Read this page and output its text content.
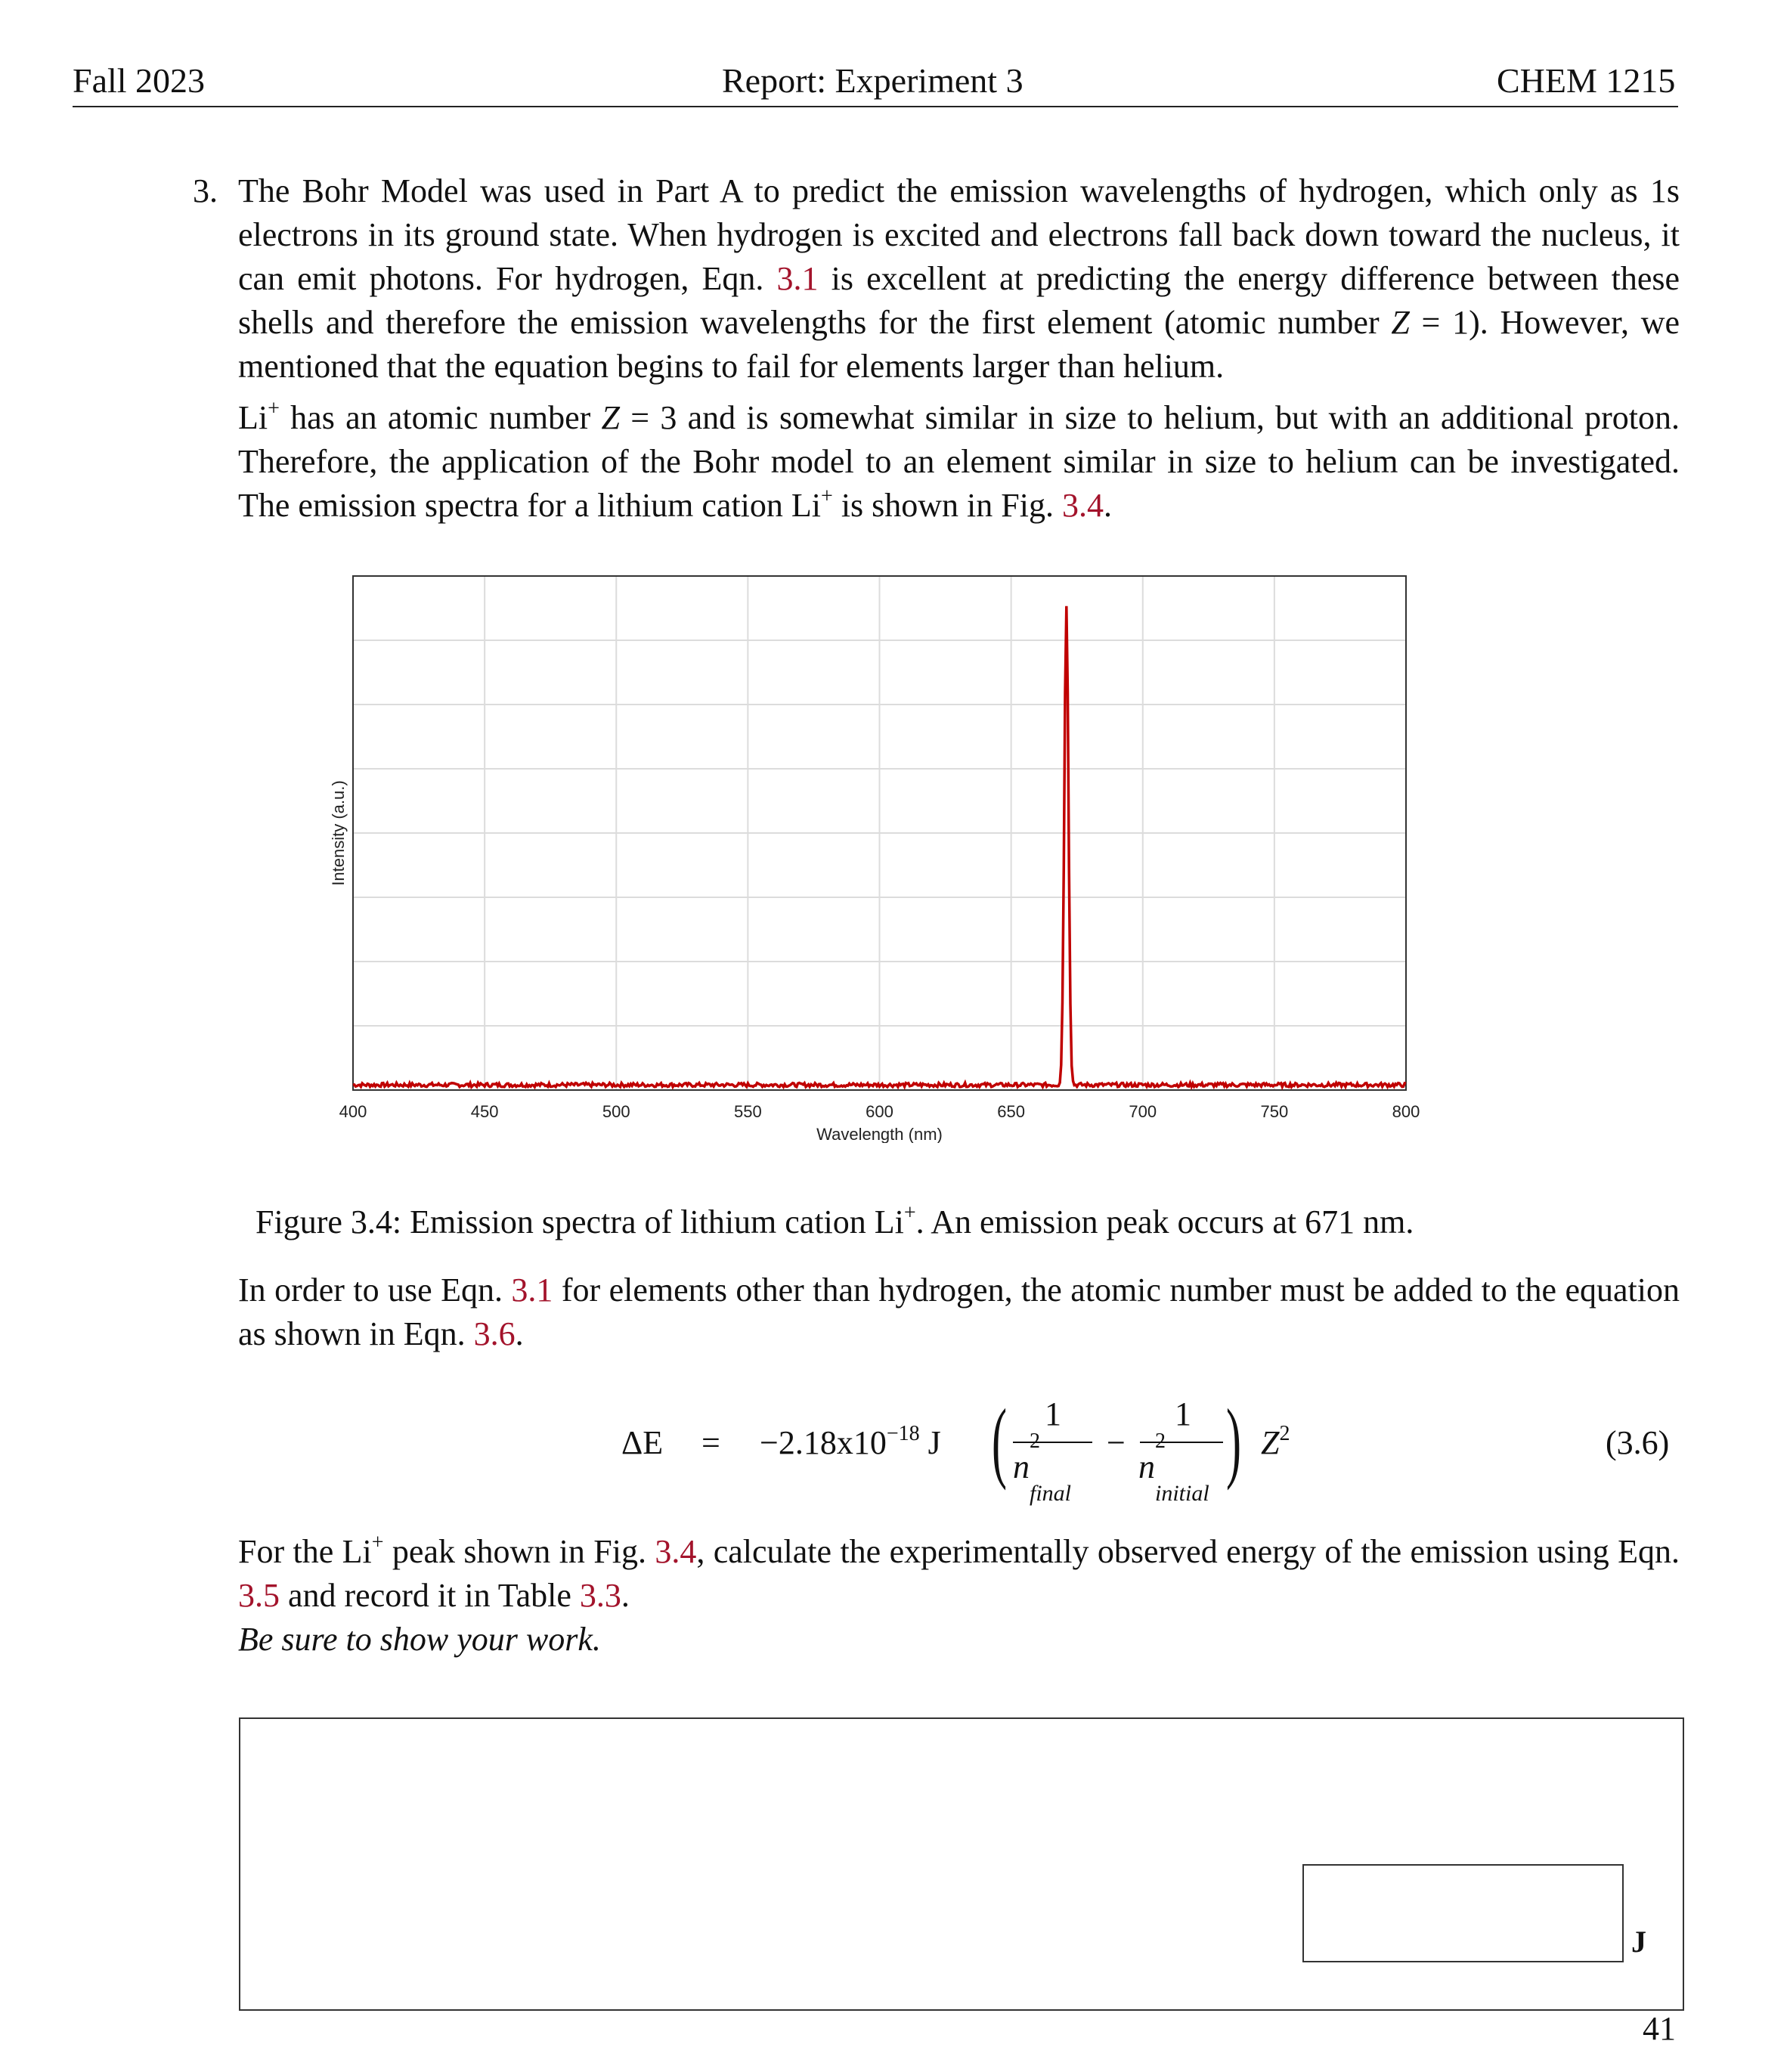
Fall 2023	Report: Experiment 3	CHEM 1215
3. The Bohr Model was used in Part A to predict the emission wavelengths of hydrogen, which only as 1s electrons in its ground state. When hydrogen is excited and electrons fall back down toward the nucleus, it can emit photons. For hydrogen, Eqn. 3.1 is excellent at predicting the energy difference between these shells and therefore the emission wavelengths for the first element (atomic number Z = 1). However, we mentioned that the equation begins to fail for elements larger than helium.
Li+ has an atomic number Z = 3 and is somewhat similar in size to helium, but with an additional proton. Therefore, the application of the Bohr model to an element similar in size to helium can be investigated. The emission spectra for a lithium cation Li+ is shown in Fig. 3.4.
400	450	500	550	600	650	700	750	800
Wavelength (nm)
Intensity (a.u.)
Figure 3.4: Emission spectra of lithium cation Li+. An emission peak occurs at 671 nm.
In order to use Eqn. 3.1 for elements other than hydrogen, the atomic number must be added to the equation as shown in Eqn. 3.6.
$\Delta E = -2.18x10^{-18}$ J ( 1
n
$_{final}$
−
1
n
$_{initial}$
) $Z^2$	(3.6)
For the Li+ peak shown in Fig. 3.4, calculate the experimentally observed energy of the emission using Eqn. 3.5 and record it in Table 3.3.
Be sure to show your work.
J
41
